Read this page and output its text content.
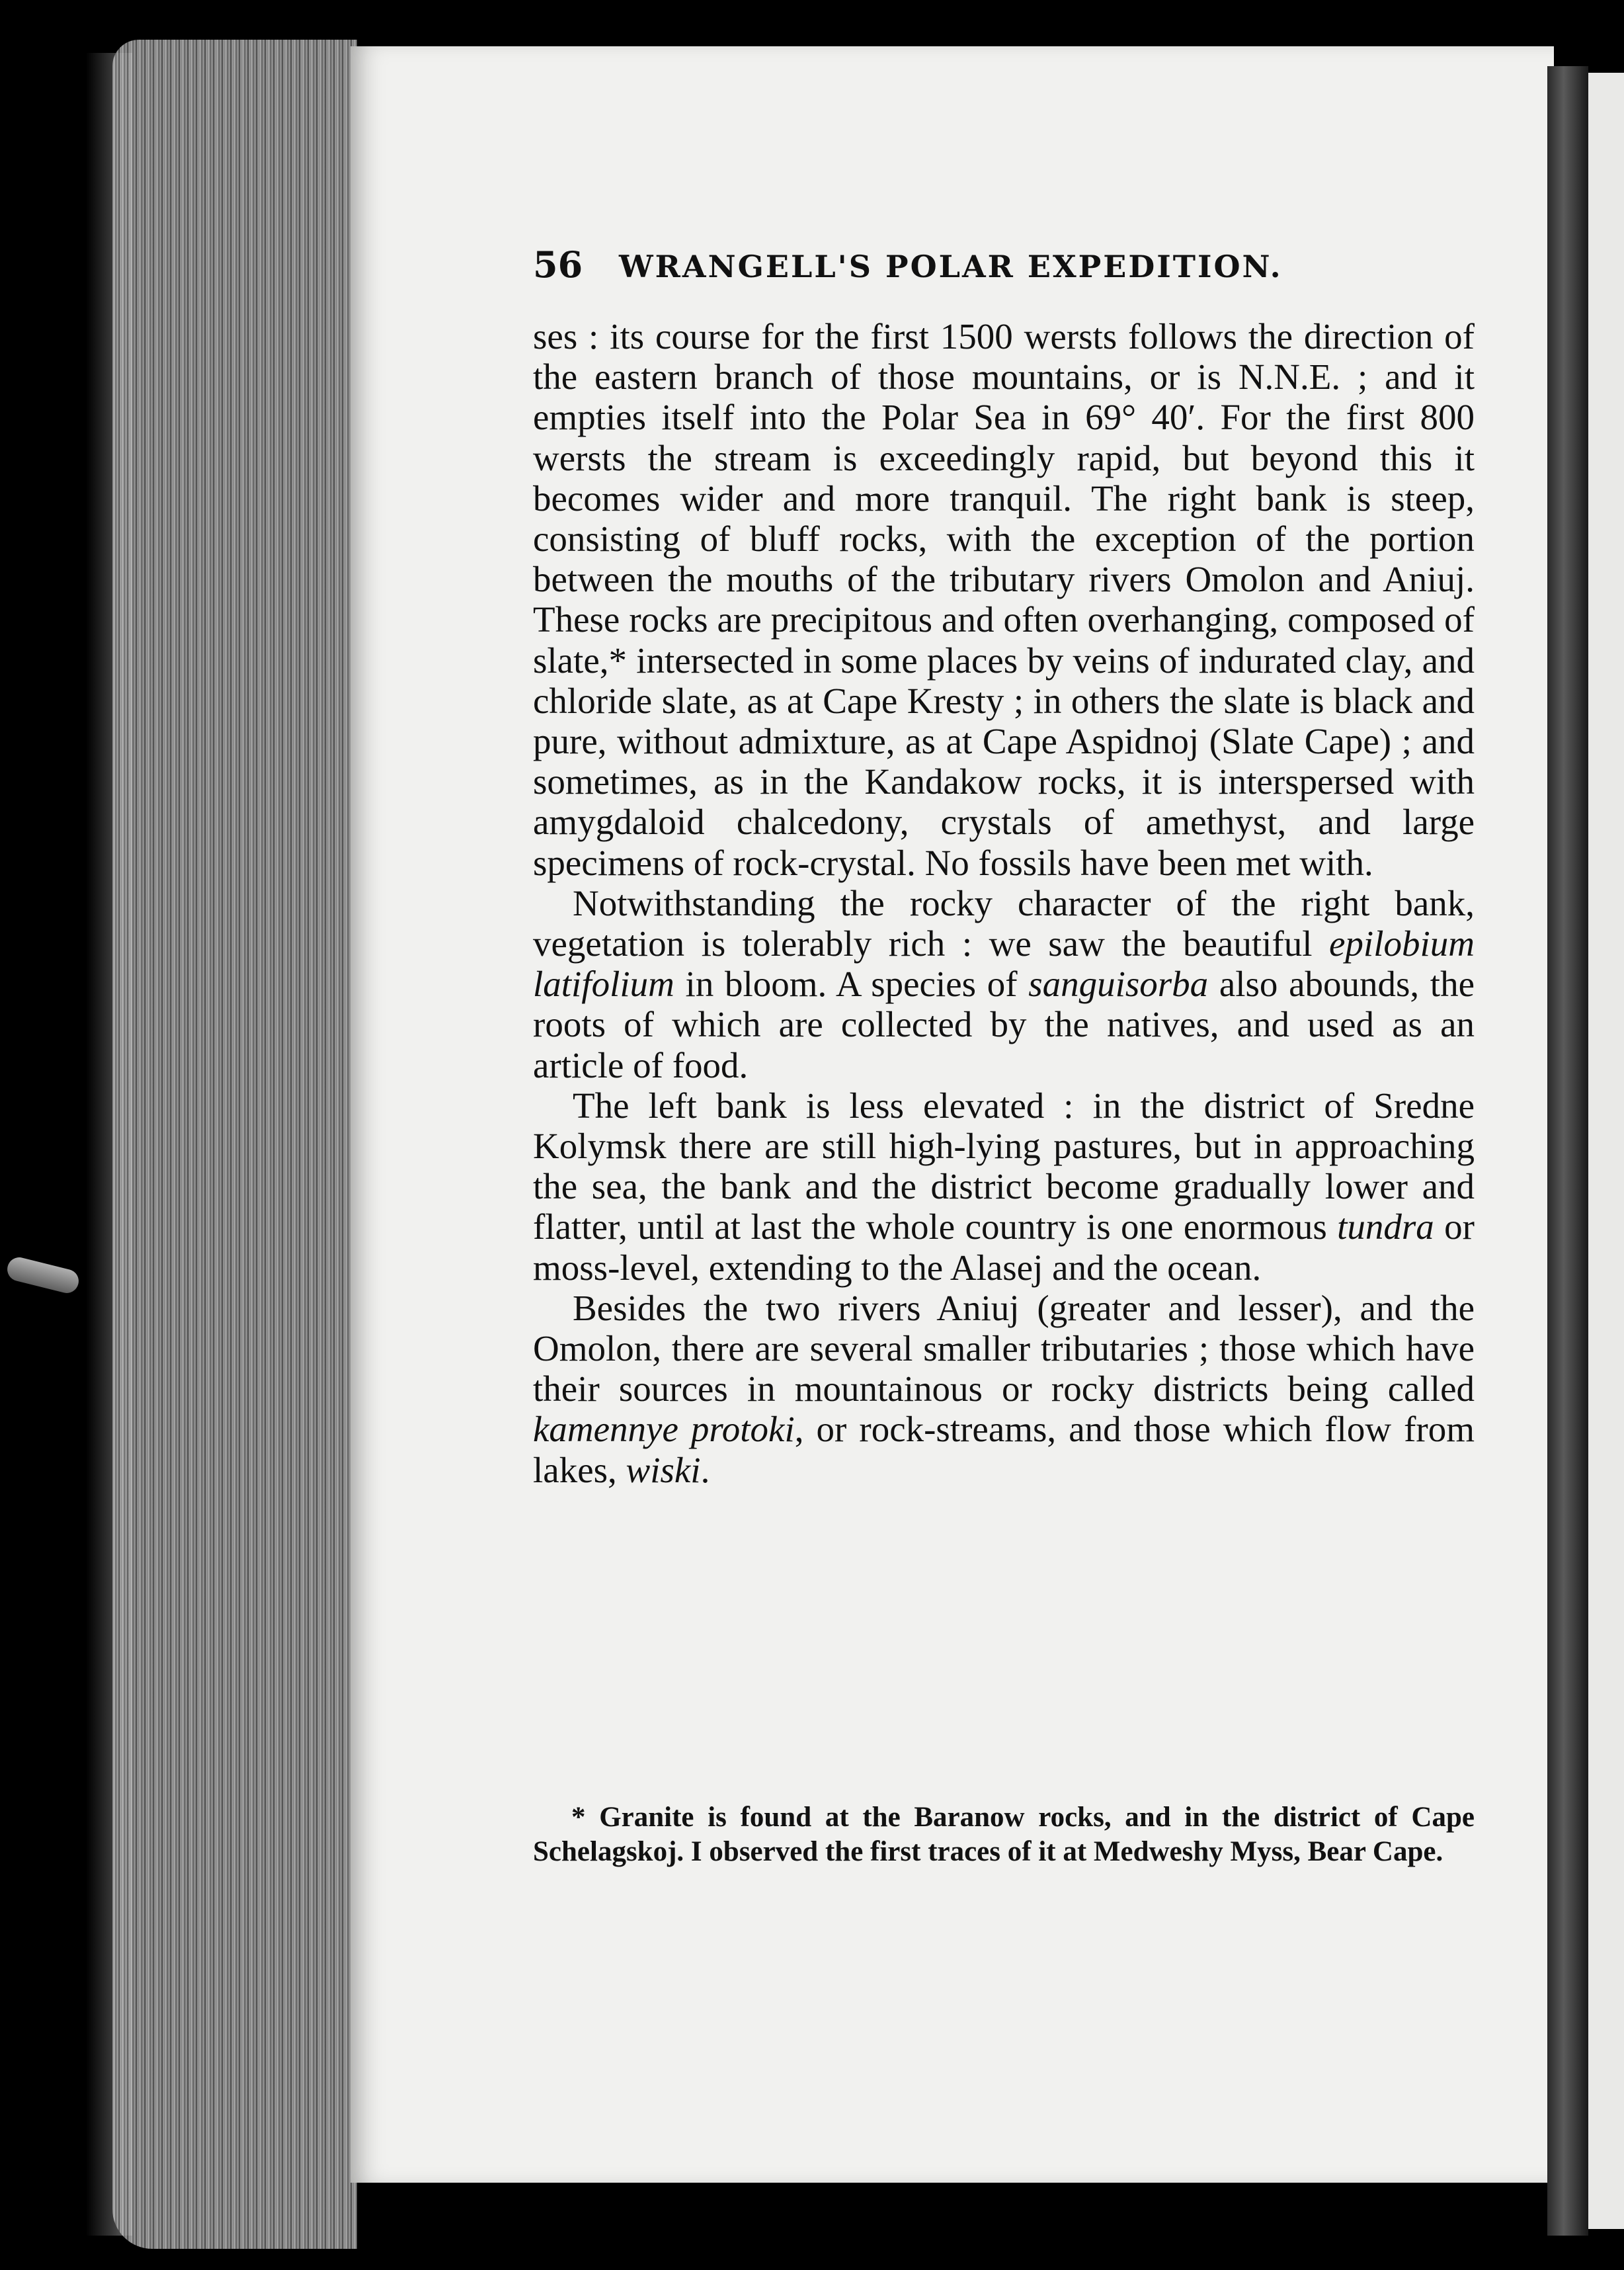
56	WRANGELL'S POLAR EXPEDITION.

ses : its course for the first 1500 wersts follows the direction of the eastern branch of those mountains, or is N.N.E. ; and it empties itself into the Polar Sea in 69° 40′. For the first 800 wersts the stream is exceedingly rapid, but beyond this it becomes wider and more tranquil. The right bank is steep, consisting of bluff rocks, with the exception of the portion between the mouths of the tributary rivers Omolon and Aniuj. These rocks are precipitous and often overhanging, composed of slate,* intersected in some places by veins of indurated clay, and chloride slate, as at Cape Kresty ; in others the slate is black and pure, without admixture, as at Cape Aspidnoj (Slate Cape) ; and sometimes, as in the Kandakow rocks, it is interspersed with amygdaloid chalcedony, crystals of amethyst, and large specimens of rock-crystal. No fossils have been met with.

Notwithstanding the rocky character of the right bank, vegetation is tolerably rich : we saw the beautiful epilobium latifolium in bloom. A species of sanguisorba also abounds, the roots of which are collected by the natives, and used as an article of food.

The left bank is less elevated : in the district of Sredne Kolymsk there are still high-lying pastures, but in approaching the sea, the bank and the district become gradually lower and flatter, until at last the whole country is one enormous tundra or moss-level, extending to the Alasej and the ocean.

Besides the two rivers Aniuj (greater and lesser), and the Omolon, there are several smaller tributaries ; those which have their sources in mountainous or rocky districts being called kamennye protoki, or rock-streams, and those which flow from lakes, wiski.

* Granite is found at the Baranow rocks, and in the district of Cape Schelagskoj. I observed the first traces of it at Medweshy Myss, Bear Cape.
